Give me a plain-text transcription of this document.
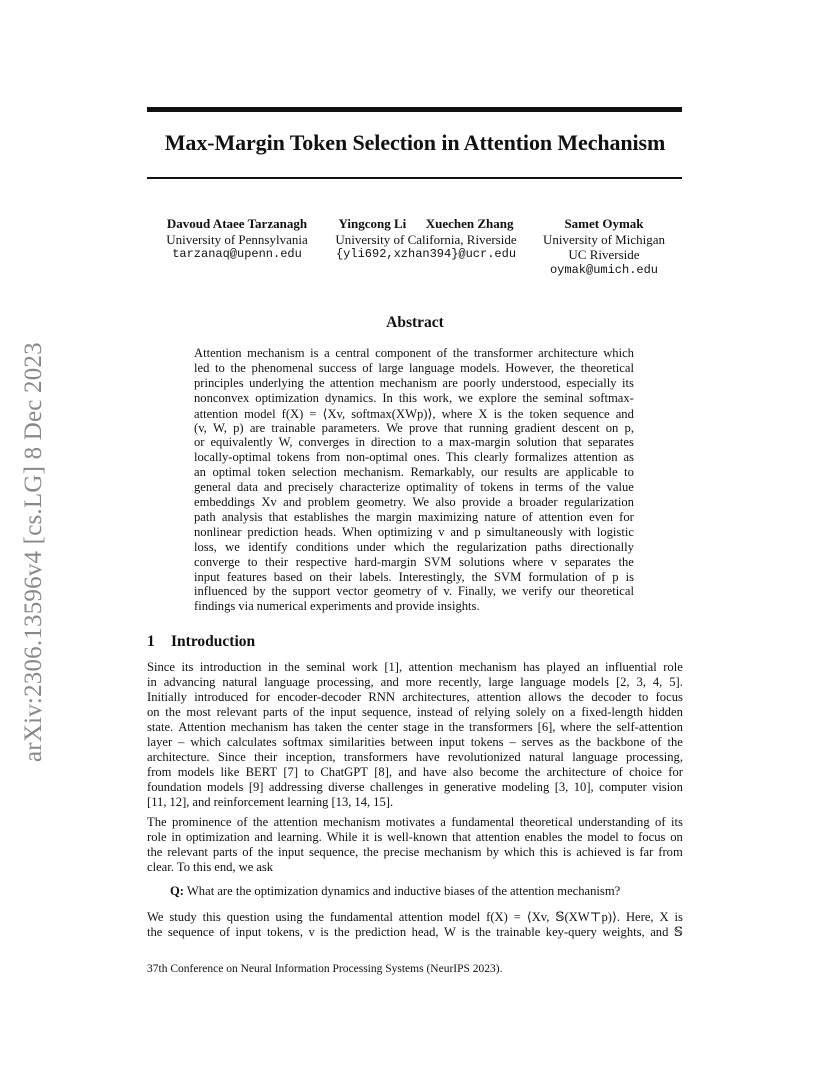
Max-Margin Token Selection in Attention Mechanism
arXiv:2306.13596v4 [cs.LG] 8 Dec 2023
Davoud Ataee Tarzanagh
University of Pennsylvania
tarzanaq@upenn.edu
Yingcong Li Xuechen Zhang
University of California, Riverside
{yli692,xzhan394}@ucr.edu
Samet Oymak
University of Michigan
UC Riverside
oymak@umich.edu
Abstract
Attention mechanism is a central component of the transformer architecture which
led to the phenomenal success of large language models. However, the theoretical
principles underlying the attention mechanism are poorly understood, especially its
nonconvex optimization dynamics. In this work, we explore the seminal softmax-
attention model f(X) = ⟨Xv, softmax(XWp)⟩, where X is the token sequence and
(v, W, p) are trainable parameters. We prove that running gradient descent on p,
or equivalently W, converges in direction to a max-margin solution that separates
locally-optimal tokens from non-optimal ones. This clearly formalizes attention as
an optimal token selection mechanism. Remarkably, our results are applicable to
general data and precisely characterize optimality of tokens in terms of the value
embeddings Xv and problem geometry. We also provide a broader regularization
path analysis that establishes the margin maximizing nature of attention even for
nonlinear prediction heads. When optimizing v and p simultaneously with logistic
loss, we identify conditions under which the regularization paths directionally
converge to their respective hard-margin SVM solutions where v separates the
input features based on their labels. Interestingly, the SVM formulation of p is
influenced by the support vector geometry of v. Finally, we verify our theoretical
findings via numerical experiments and provide insights.
1 Introduction
Since its introduction in the seminal work [1], attention mechanism has played an influential role
in advancing natural language processing, and more recently, large language models [2, 3, 4, 5].
Initially introduced for encoder-decoder RNN architectures, attention allows the decoder to focus
on the most relevant parts of the input sequence, instead of relying solely on a fixed-length hidden
state. Attention mechanism has taken the center stage in the transformers [6], where the self-attention
layer – which calculates softmax similarities between input tokens – serves as the backbone of the
architecture. Since their inception, transformers have revolutionized natural language processing,
from models like BERT [7] to ChatGPT [8], and have also become the architecture of choice for
foundation models [9] addressing diverse challenges in generative modeling [3, 10], computer vision
[11, 12], and reinforcement learning [13, 14, 15].
The prominence of the attention mechanism motivates a fundamental theoretical understanding of its
role in optimization and learning. While it is well-known that attention enables the model to focus on
the relevant parts of the input sequence, the precise mechanism by which this is achieved is far from
clear. To this end, we ask
Q: What are the optimization dynamics and inductive biases of the attention mechanism?
We study this question using the fundamental attention model f(X) = ⟨Xv, 𝕊(XW⊤p)⟩. Here, X is
the sequence of input tokens, v is the prediction head, W is the trainable key-query weights, and 𝕊
37th Conference on Neural Information Processing Systems (NeurIPS 2023).
